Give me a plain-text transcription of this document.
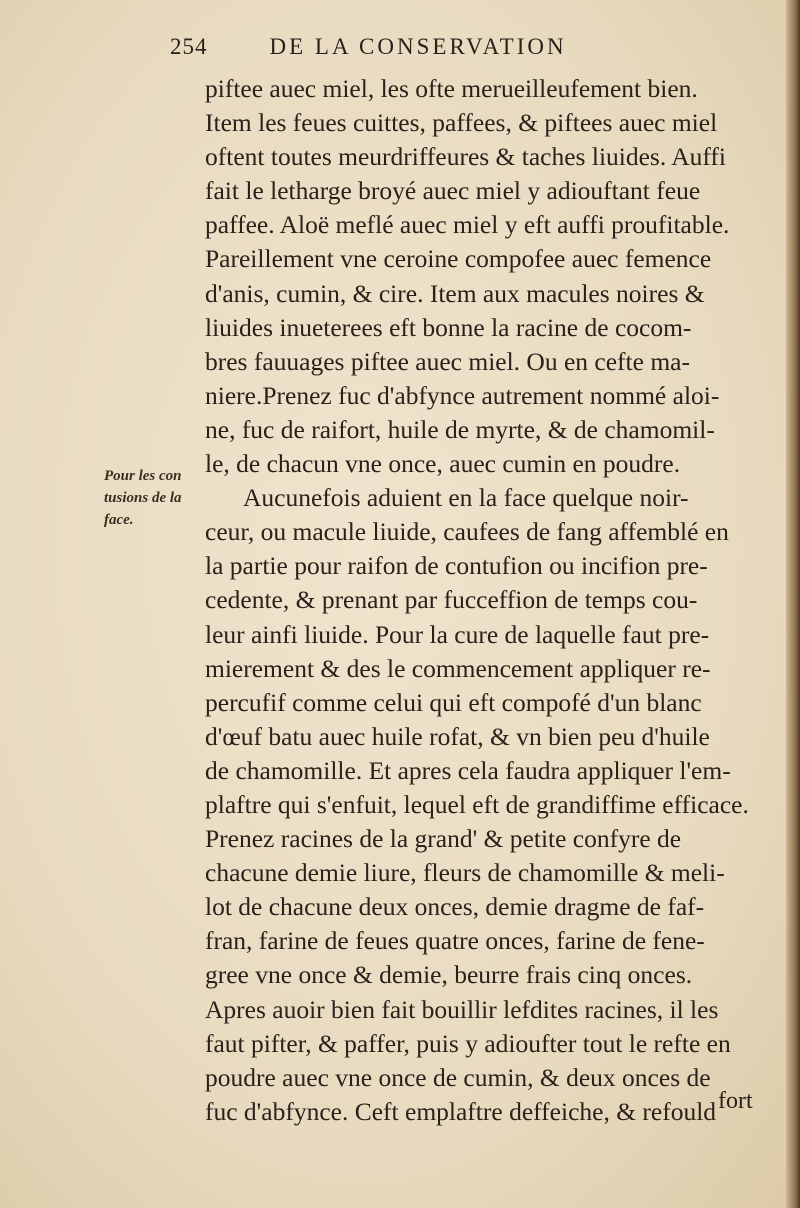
254	DE LA CONSERVATION
Pour les con
tusions de la
face.
piftee auec miel, les ofte merueilleufement bien.
Item les feues cuittes, paffees, & piftees auec miel
oftent toutes meurdriffeures & taches liuides. Auffi
fait le letharge broyé auec miel y adiouftant feue
paffee. Aloë meflé auec miel y eft auffi proufitable.
Pareillement vne ceroine compofee auec femence
d'anis, cumin, & cire. Item aux macules noires &
liuides inueterees eft bonne la racine de cocom-
bres fauuages piftee auec miel. Ou en cefte ma-
niere.Prenez fuc d'abfynce autrement nommé aloi-
ne, fuc de raifort, huile de myrte, & de chamomil-
le, de chacun vne once, auec cumin en poudre.
Aucunefois aduient en la face quelque noir-
ceur, ou macule liuide, caufees de fang affemblé en
la partie pour raifon de contufion ou incifion pre-
cedente, & prenant par fucceffion de temps cou-
leur ainfi liuide. Pour la cure de laquelle faut pre-
mierement & des le commencement appliquer re-
percufif comme celui qui eft compofé d'un blanc
d'œuf batu auec huile rofat, & vn bien peu d'huile
de chamomille. Et apres cela faudra appliquer l'em-
plaftre qui s'enfuit, lequel eft de grandiffime efficace.
Prenez racines de la grand' & petite confyre de
chacune demie liure, fleurs de chamomille & meli-
lot de chacune deux onces, demie dragme de faf-
fran, farine de feues quatre onces, farine de fene-
gree vne once & demie, beurre frais cinq onces.
Apres auoir bien fait bouillir lefdites racines, il les
faut pifter, & paffer, puis y adioufter tout le refte en
poudre auec vne once de cumin, & deux onces de
fuc d'abfynce. Ceft emplaftre deffeiche, & refould fort
